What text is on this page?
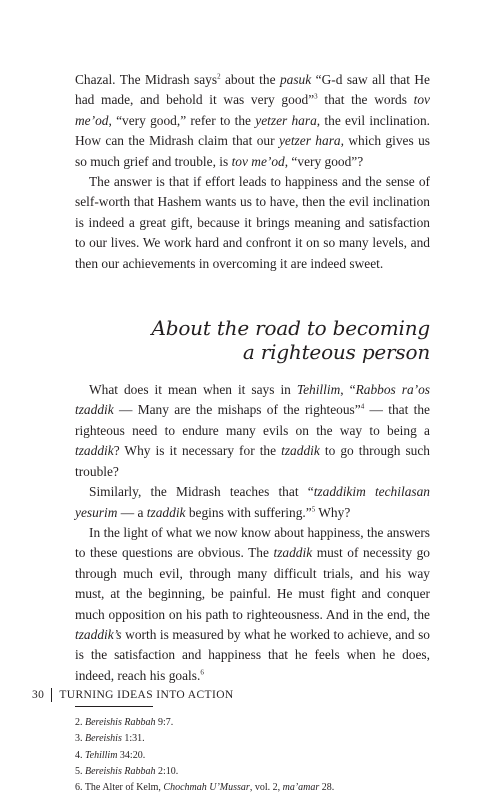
Chazal. The Midrash says$^2$ about the pasuk “G-d saw all that He had made, and behold it was very good”$^3$ that the words tov me’od, “very good,” refer to the yetzer hara, the evil inclination. How can the Midrash claim that our yetzer hara, which gives us so much grief and trouble, is tov me’od, “very good”?

The answer is that if effort leads to happiness and the sense of self-worth that Hashem wants us to have, then the evil inclination is indeed a great gift, because it brings meaning and satisfaction to our lives. We work hard and confront it on so many levels, and then our achievements in overcoming it are indeed sweet.

About the road to becoming
a righteous person

What does it mean when it says in Tehillim, “Rabbos ra’os tzaddik — Many are the mishaps of the righteous”$^4$ — that the righteous need to endure many evils on the way to being a tzaddik? Why is it necessary for the tzaddik to go through such trouble?

Similarly, the Midrash teaches that “tzaddikim techilasan yesurim — a tzaddik begins with suffering.”$^5$ Why?

In the light of what we now know about happiness, the answers to these questions are obvious. The tzaddik must of necessity go through much evil, through many difficult trials, and his way must, at the beginning, be painful. He must fight and conquer much opposition on his path to righteousness. And in the end, the tzaddik’s worth is measured by what he worked to achieve, and so is the satisfaction and happiness that he feels when he does, indeed, reach his goals.$^6$

2. Bereishis Rabbah 9:7.

3. Bereishis 1:31.

4. Tehillim 34:20.

5. Bereishis Rabbah 2:10.

6. The Alter of Kelm, Chochmah U’Mussar, vol. 2, ma’amar 28.

30 TURNING IDEAS INTO ACTION
